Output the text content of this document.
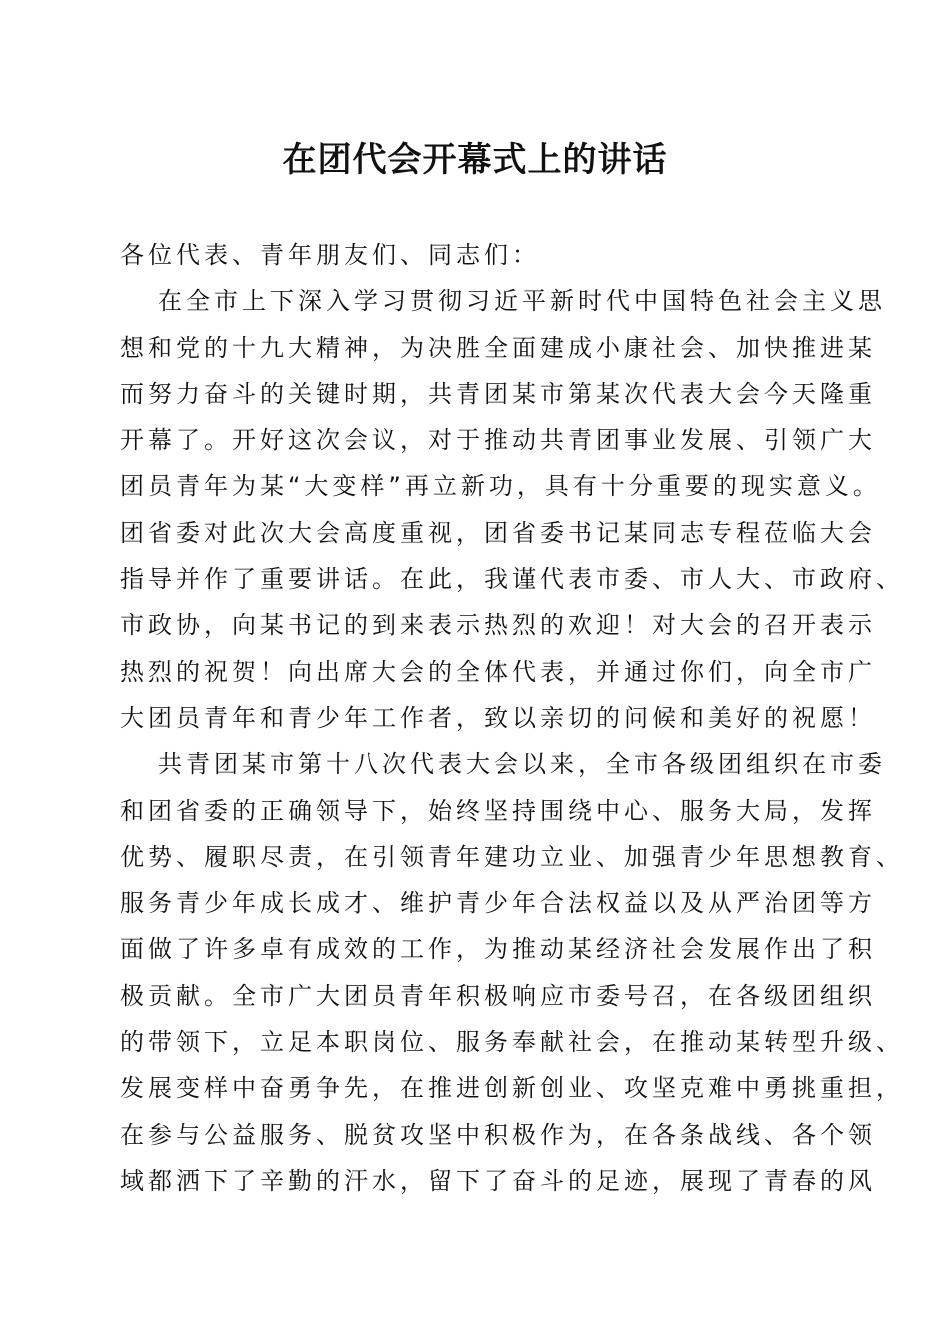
在团代会开幕式上的讲话

各位代表、青年朋友们、同志们：

在全市上下深入学习贯彻习近平新时代中国特色社会主义思

想和党的十九大精神，为决胜全面建成小康社会、加快推进某

而努力奋斗的关键时期，共青团某市第某次代表大会今天隆重

开幕了。开好这次会议，对于推动共青团事业发展、引领广大

团员青年为某“大变样”再立新功，具有十分重要的现实意义。

团省委对此次大会高度重视，团省委书记某同志专程莅临大会

指导并作了重要讲话。在此，我谨代表市委、市人大、市政府、

市政协，向某书记的到来表示热烈的欢迎！对大会的召开表示

热烈的祝贺！向出席大会的全体代表，并通过你们，向全市广

大团员青年和青少年工作者，致以亲切的问候和美好的祝愿！

共青团某市第十八次代表大会以来，全市各级团组织在市委

和团省委的正确领导下，始终坚持围绕中心、服务大局，发挥

优势、履职尽责，在引领青年建功立业、加强青少年思想教育、

服务青少年成长成才、维护青少年合法权益以及从严治团等方

面做了许多卓有成效的工作，为推动某经济社会发展作出了积

极贡献。全市广大团员青年积极响应市委号召，在各级团组织

的带领下，立足本职岗位、服务奉献社会，在推动某转型升级、

发展变样中奋勇争先，在推进创新创业、攻坚克难中勇挑重担，

在参与公益服务、脱贫攻坚中积极作为，在各条战线、各个领

域都洒下了辛勤的汗水，留下了奋斗的足迹，展现了青春的风
